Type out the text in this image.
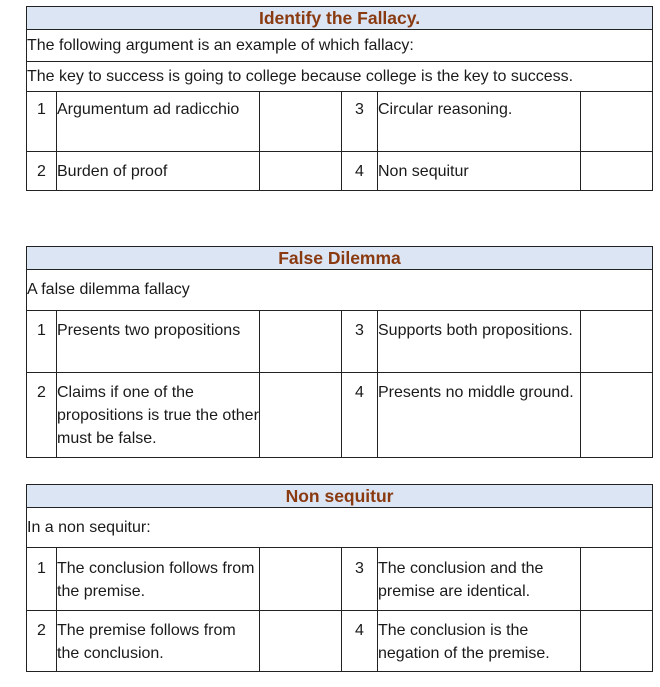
Identify the Fallacy.					
The following argument is an example of which fallacy:					
The key to success is going to college because college is the key to success.					
1	Argumentum ad radicchio		3	Circular reasoning.	
2	Burden of proof		4	Non sequitur	
False Dilemma					
A false dilemma fallacy					
1	Presents two propositions		3	Supports both propositions.	
2	Claims if one of the propositions is true the other must be false.		4	Presents no middle ground.	
Non sequitur					
In a non sequitur:					
1	The conclusion follows from the premise.		3	The conclusion and the premise are identical.	
2	The premise follows from the conclusion.		4	The conclusion is the negation of the premise.	
